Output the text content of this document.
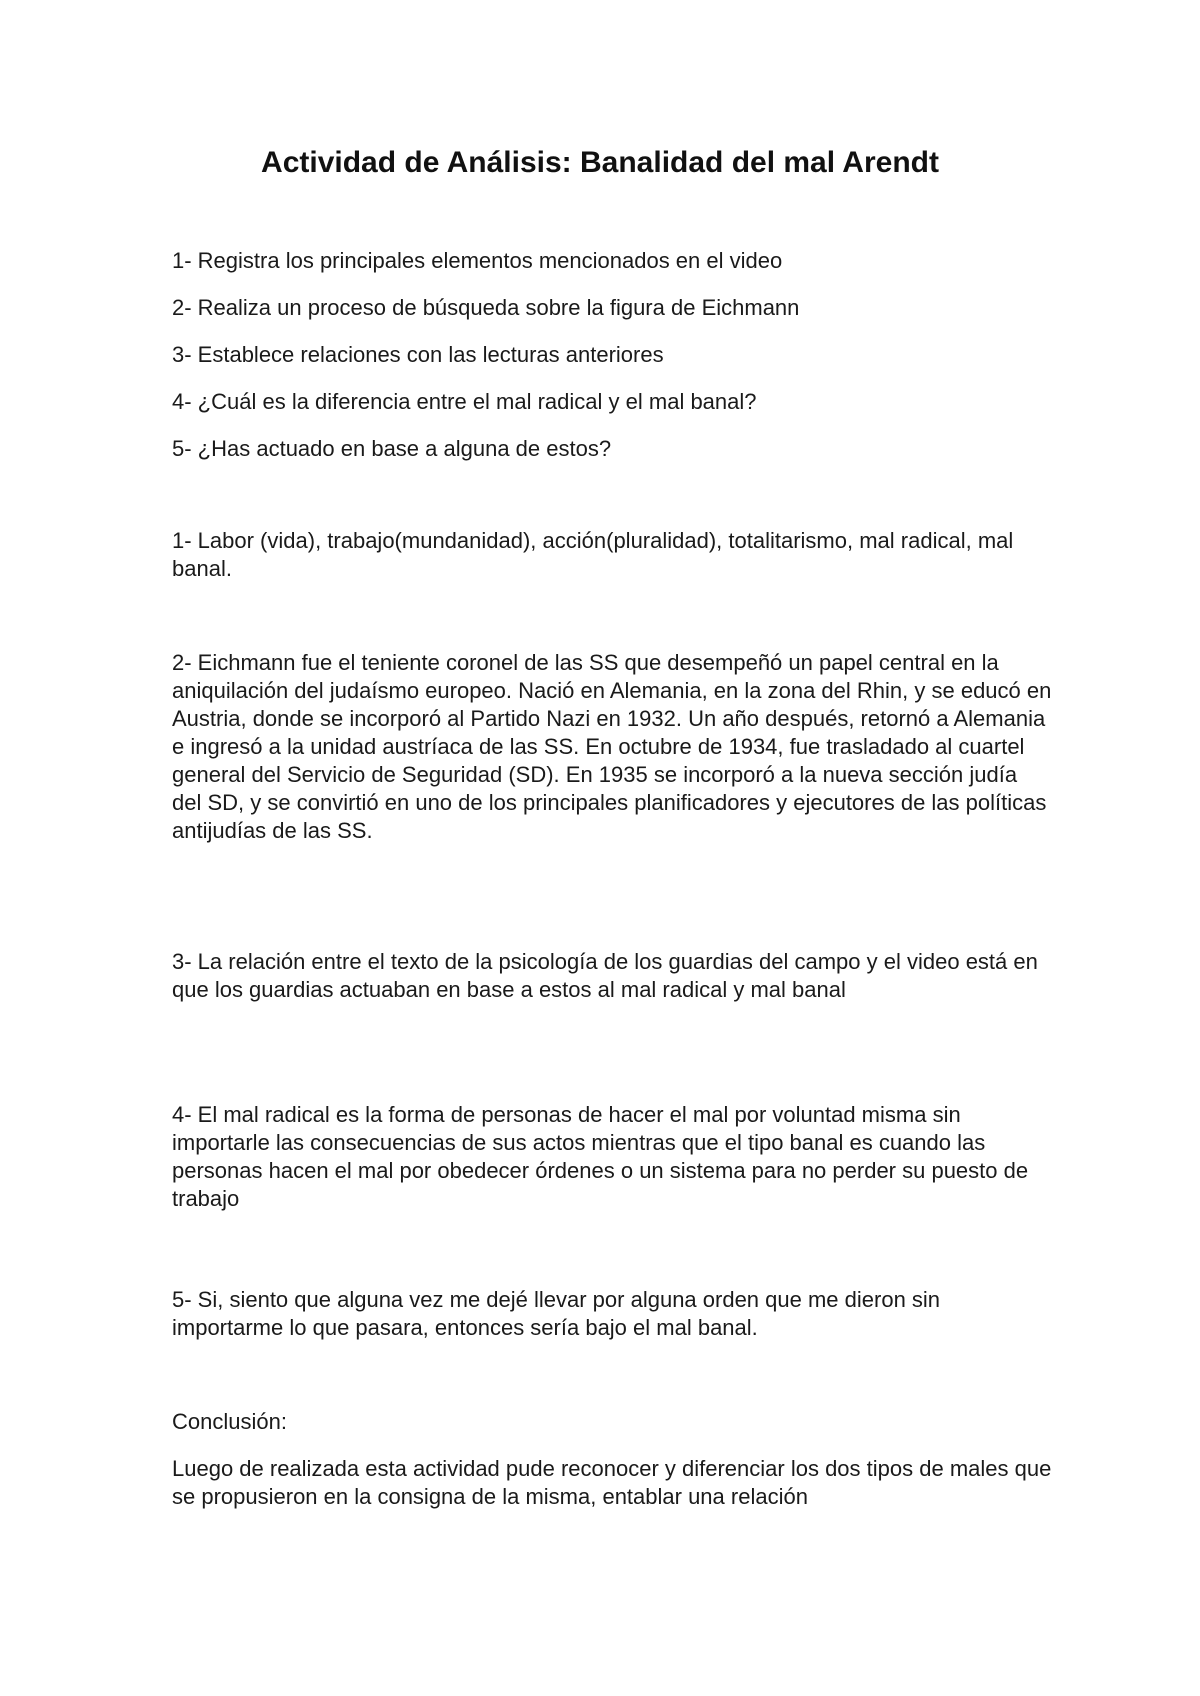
Actividad de Análisis: Banalidad del mal Arendt

1- Registra los principales elementos mencionados en el video

2- Realiza un proceso de búsqueda sobre la figura de Eichmann

3- Establece relaciones con las lecturas anteriores

4- ¿Cuál es la diferencia entre el mal radical y el mal banal?

5- ¿Has actuado en base a alguna de estos?

1- Labor (vida), trabajo(mundanidad), acción(pluralidad), totalitarismo, mal radical, mal banal.

2- Eichmann fue el teniente coronel de las SS que desempeñó un papel central en la aniquilación del judaísmo europeo. Nació en Alemania, en la zona del Rhin, y se educó en Austria, donde se incorporó al Partido Nazi en 1932. Un año después, retornó a Alemania e ingresó a la unidad austríaca de las SS. En octubre de 1934, fue trasladado al cuartel general del Servicio de Seguridad (SD). En 1935 se incorporó a la nueva sección judía del SD, y se convirtió en uno de los principales planificadores y ejecutores de las políticas antijudías de las SS.

3- La relación entre el texto de la psicología de los guardias del campo y el video está en que los guardias actuaban en base a estos al mal radical y mal banal

4- El mal radical es la forma de personas de hacer el mal por voluntad misma sin importarle las consecuencias de sus actos mientras que el tipo banal es cuando las personas hacen el mal por obedecer órdenes o un sistema para no perder su puesto de trabajo

5- Si, siento que alguna vez me dejé llevar por alguna orden que me dieron sin importarme lo que pasara, entonces sería bajo el mal banal.

Conclusión:

Luego de realizada esta actividad pude reconocer y diferenciar los dos tipos de males que se propusieron en la consigna de la misma, entablar una relación
